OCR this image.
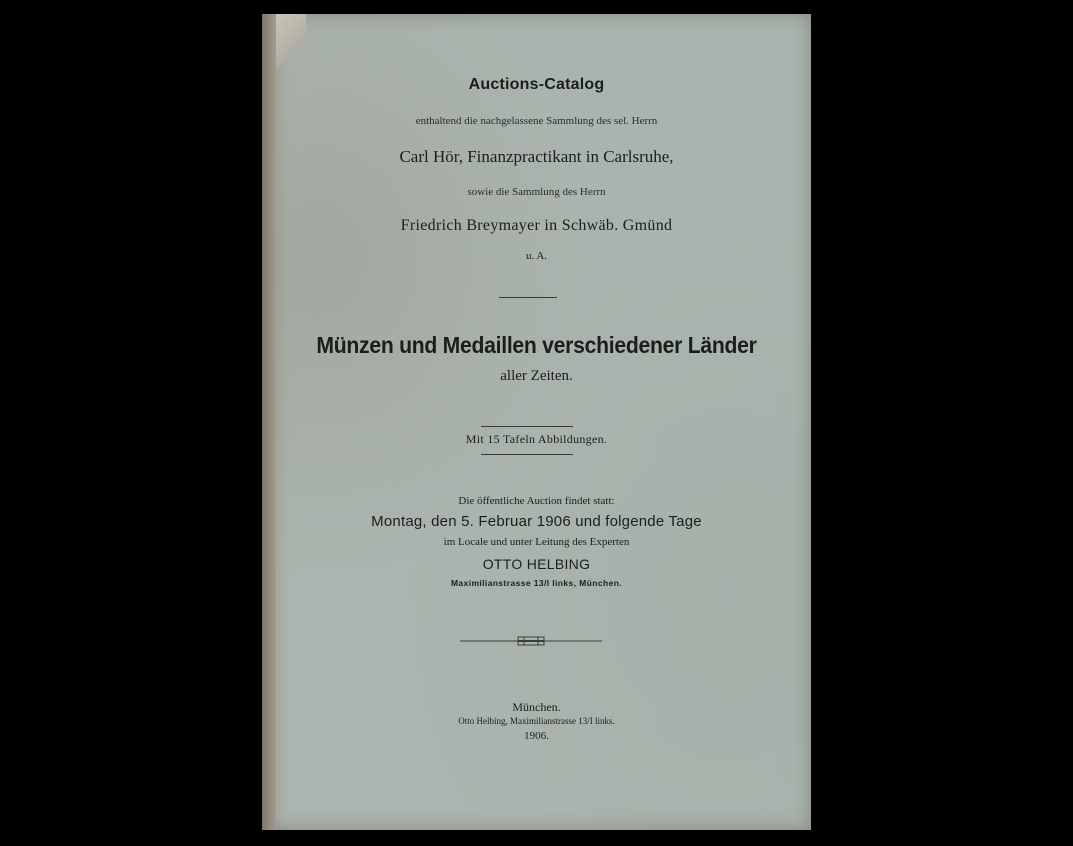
Auctions-Catalog
enthaltend die nachgelassene Sammlung des sel. Herrn
Carl Hör, Finanzpractikant in Carlsruhe,
sowie die Sammlung des Herrn
Friedrich Breymayer in Schwäb. Gmünd
u. A.
Münzen und Medaillen verschiedener Länder
aller Zeiten.
Mit 15 Tafeln Abbildungen.
Die öffentliche Auction findet statt:
Montag, den 5. Februar 1906 und folgende Tage
im Locale und unter Leitung des Experten
OTTO HELBING
Maximilianstrasse 13/I links, München.
München.
Otto Helbing, Maximilianstrasse 13/I links.
1906.
